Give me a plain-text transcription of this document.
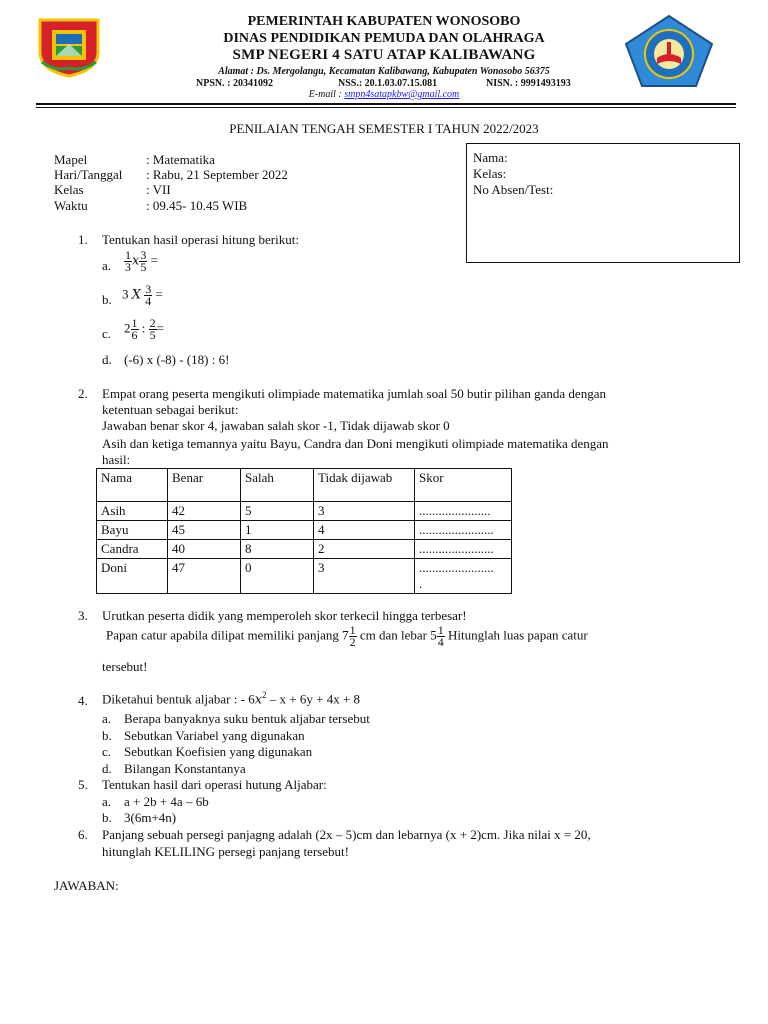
PEMERINTAH KABUPATEN WONOSOBO
DINAS PENDIDIKAN PEMUDA DAN OLAHRAGA
SMP NEGERI 4 SATU ATAP KALIBAWANG
Alamat : Ds. Mergolangu, Kecamatan Kalibawang, Kabupaten Wonosobo 56375
NPSN. : 20341092	NSS.: 20.1.03.07.15.081	NISN. : 9991493193
E-mail : smpn4satapkbw@gmail.com
PENILAIAN TENGAH SEMESTER I TAHUN 2022/2023
Mapel	: Matematika
Hari/Tanggal : Rabu, 21 September 2022
Kelas	: VII
Waktu	: 09.45- 10.45 WIB
Nama:
Kelas:
No Absen/Test:
1. Tentukan hasil operasi hitung berikut:
a. $\frac{1}{3}$ x $\frac{3}{5}$ =
b. 3 X $\frac{3}{4}$ =
c. $2 \frac{1}{6}$ : $\frac{2}{5}$ =
d. (-6) x (-8) - (18) : 6!
2. Empat orang peserta mengikuti olimpiade matematika jumlah soal 50 butir pilihan ganda dengan
ketentuan sebagai berikut:
Jawaban benar skor 4, jawaban salah skor -1, Tidak dijawab skor 0
Asih dan ketiga temannya yaitu Bayu, Candra dan Doni mengikuti olimpiade matematika dengan
hasil:
Nama	Benar	Salah	Tidak dijawab	Skor
Asih	42	5	3	......................
Bayu	45	1	4	.......................
Candra	40	8	2	.......................
Doni	47	0	3	.......................
.
3. Urutkan peserta didik yang memperoleh skor terkecil hingga terbesar!
Papan catur apabila dilipat memiliki panjang $7 \frac{1}{2}$ cm dan lebar $5 \frac{1}{4}$ Hitunglah luas papan catur
tersebut!
4. Diketahui bentuk aljabar : - $6x^2 - x + 6y + 4x + 8$
a. Berapa banyaknya suku bentuk aljabar tersebut
b. Sebutkan Variabel yang digunakan
c. Sebutkan Koefisien yang digunakan
d. Bilangan Konstantanya
5. Tentukan hasil dari operasi hutung Aljabar:
a. a + 2b + 4a – 6b
b. 3(6m+4n)
6. Panjang sebuah persegi panjagng adalah (2x – 5)cm dan lebarnya (x + 2)cm. Jika nilai x = 20,
hitunglah KELILING persegi panjang tersebut!
JAWABAN:
